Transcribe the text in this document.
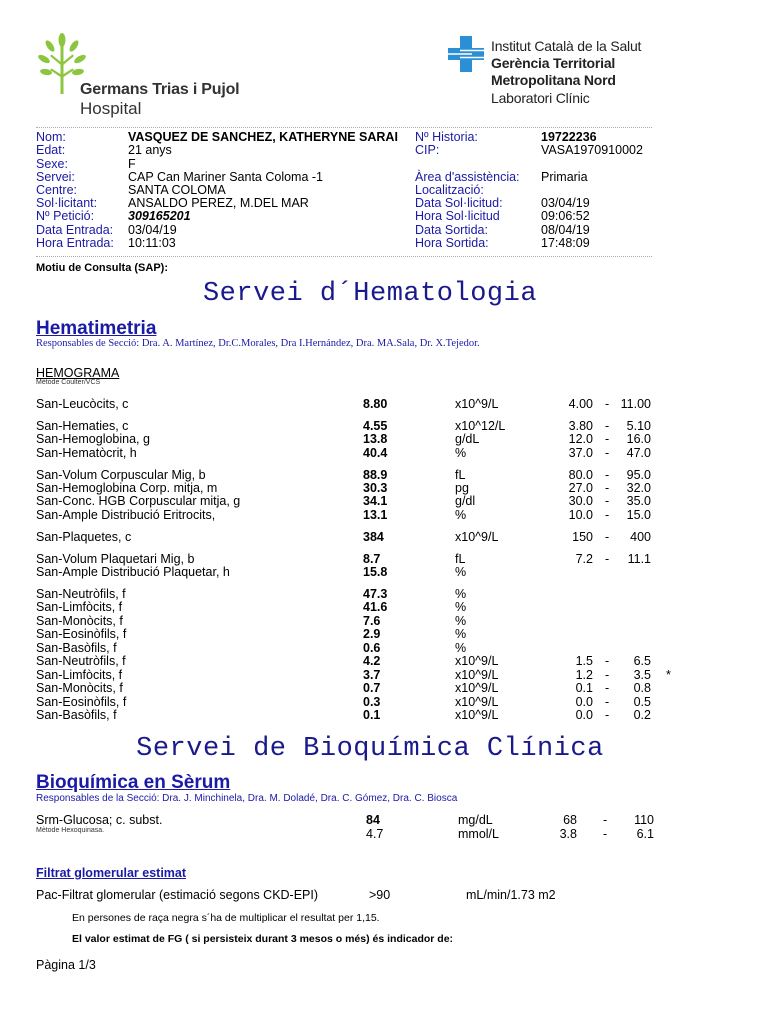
Germans Trias i Pujol
Hospital
Institut Català de la Salut
Gerència Territorial
Metropolitana Nord
Laboratori Clínic
Nom:	VASQUEZ DE SANCHEZ, KATHERYNE SARAI
Edat:	21 anys
Sexe:	F
Servei:	CAP Can Mariner Santa Coloma -1
Centre:	SANTA COLOMA
Sol·licitant: ANSALDO PEREZ, M.DEL MAR
Nº Petició:	309165201
Data Entrada: 03/04/19
Hora Entrada: 10:11:03
Nº Historia:	19722236
CIP:	VASA1970910002
Àrea d'assistència: Primaria
Localització:
Data Sol·licitud:	03/04/19
Hora Sol·licitud	09:06:52
Data Sortida:	08/04/19
Hora Sortida:	17:48:09
Motiu de Consulta (SAP):
Servei d´Hematologia
Hematimetria
Responsables de Secció: Dra. A. Martínez, Dr.C.Morales, Dra I.Hernández, Dra. MA.Sala, Dr. X.Tejedor.
HEMOGRAMA
Mètode Coulter/VCS
San-Leucòcits, c	8.80	x10^9/L	4.00 - 11.00
San-Hematies, c	4.55	x10^12/L	3.80 -	5.10
San-Hemoglobina, g	13.8	g/dL	12.0 -	16.0
San-Hematòcrit, h	40.4	%	37.0 -	47.0
San-Volum Corpuscular Mig, b	88.9	fL	80.0 -	95.0
San-Hemoglobina Corp. mitja, m	30.3	pg	27.0 -	32.0
San-Conc. HGB Corpuscular mitja, g	34.1	g/dl	30.0 -	35.0
San-Ample Distribució Eritrocits,	13.1	%	10.0 -	15.0
San-Plaquetes, c	384	x10^9/L	150 -	400
San-Volum Plaquetari Mig, b	8.7	fL	7.2 -	11.1
San-Ample Distribució Plaquetar, h	15.8	%
San-Neutròfils, f	47.3	%
San-Limfòcits, f	41.6	%
San-Monòcits, f	7.6	%
San-Eosinòfils, f	2.9	%
San-Basòfils, f	0.6	%
San-Neutròfils, f	4.2	x10^9/L	1.5 -	6.5
San-Limfòcits, f	3.7	x10^9/L	1.2 -	3.5 *
San-Monòcits, f	0.7	x10^9/L	0.1 -	0.8
San-Eosinòfils, f	0.3	x10^9/L	0.0 -	0.5
San-Basòfils, f	0.1	x10^9/L	0.0 -	0.2
Servei de Bioquímica Clínica
Bioquímica en Sèrum
Responsables de la Secció: Dra. J. Minchinela, Dra. M. Doladé, Dra. C. Gómez, Dra. C. Biosca
Srm-Glucosa; c. subst.
Mètode Hexoquinasa.
84	mg/dL	68 -	110
4.7	mmol/L	3.8 -	6.1
Filtrat glomerular estimat
Pac-Filtrat glomerular (estimació segons CKD-EPI)	>90	mL/min/1.73 m2
En persones de raça negra s´ha de multiplicar el resultat per 1,15.
El valor estimat de FG ( si persisteix durant 3 mesos o més) és indicador de:
Pàgina 1/3
